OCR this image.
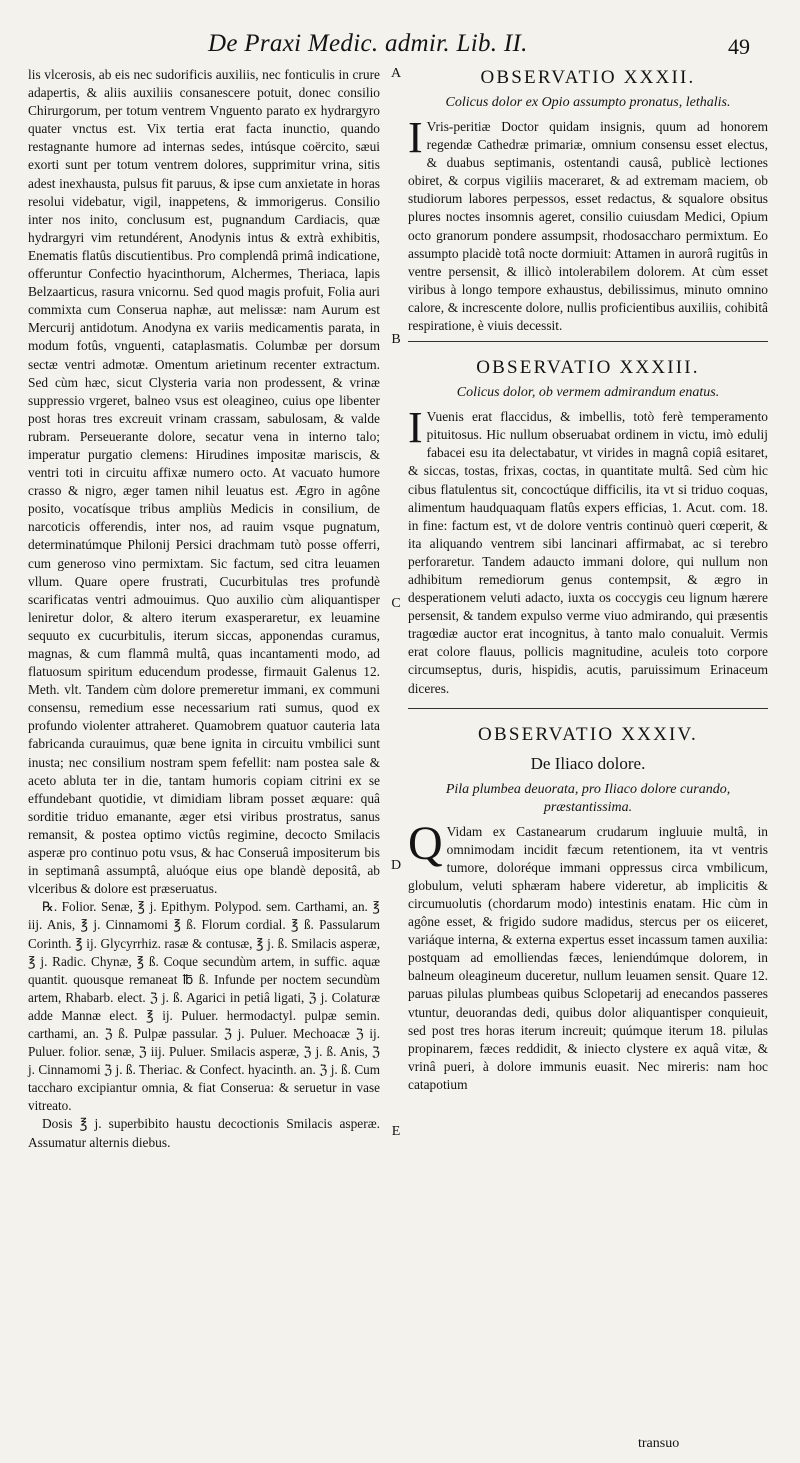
De Praxi Medic. admir. Lib. II.	49
A
B
C
D
E

lis vlcerosis, ab eis nec sudorificis auxiliis, nec fonticulis in crure adapertis, & aliis auxiliis consanescere potuit, donec consilio Chirurgorum, per totum ventrem Vnguento parato ex hydrargyro quater vnctus est. Vix tertia erat facta inunctio, quando restagnante humore ad internas sedes, intúsque coërcito, sæui exorti sunt per totum ventrem dolores, supprimitur vrina, sitis adest inexhausta, pulsus fit paruus, & ipse cum anxietate in horas resolui videbatur, vigil, inappetens, & immorigerus. Consilio inter nos inito, conclusum est, pugnandum Cardiacis, quæ hydrargyri vim retundérent, Anodynis intus & extrà exhibitis, Enematis flatûs discutientibus. Pro complendâ primâ indicatione, offeruntur Confectio hyacinthorum, Alchermes, Theriaca, lapis Belzaarticus, rasura vnicornu. Sed quod magis profuit, Folia auri commixta cum Conserua naphæ, aut melissæ: nam Aurum est Mercurij antidotum. Anodyna ex variis medicamentis parata, in modum fotûs, vnguenti, cataplasmatis. Columbæ per dorsum sectæ ventri admotæ. Omentum arietinum recenter extractum. Sed cùm hæc, sicut Clysteria varia non prodessent, & vrinæ suppressio vrgeret, balneo vsus est oleagineo, cuius ope libenter post horas tres excreuit vrinam crassam, sabulosam, & valde rubram. Perseuerante dolore, secatur vena in interno talo; imperatur purgatio clemens: Hirudines impositæ mariscis, & ventri toti in circuitu affixæ numero octo. At vacuato humore crasso & nigro, æger tamen nihil leuatus est. Ægro in agône posito, vocatísque tribus ampliùs Medicis in consilium, de narcoticis offerendis, inter nos, ad rauim vsque pugnatum, determinatúmque Philonij Persici drachmam tutò posse offerri, cum generoso vino permixtam. Sic factum, sed citra leuamen vllum. Quare opere frustrati, Cucurbitulas tres profundè scarificatas ventri admouimus. Quo auxilio cùm aliquantisper leniretur dolor, & altero iterum exasperaretur, ex leuamine sequuto ex cucurbitulis, iterum siccas, apponendas curamus, magnas, & cum flammâ multâ, quas incantamenti modo, ad flatuosum spiritum educendum prodesse, firmauit Galenus 12. Meth. vlt. Tandem cùm dolore premeretur immani, ex communi consensu, remedium esse necessarium rati sumus, quod ex profundo violenter attraheret. Quamobrem quatuor cauteria lata fabricanda curauimus, quæ bene ignita in circuitu vmbilici sunt inusta; nec consilium nostram spem fefellit: nam postea sale & aceto abluta ter in die, tantam humoris copiam citrini ex se effundebant quotidie, vt dimidiam libram posset æquare: quâ sorditie triduo emanante, æger etsi viribus prostratus, sanus remansit, & postea optimo victûs regimine, decocto Smilacis asperæ pro continuo potu vsus, & hac Conseruâ impositerum bis in septimanâ assumptâ, aluóque eius ope blandè depositâ, ab vlceribus & dolore est præseruatus.

℞. Folior. Senæ, ℥ j. Epithym. Polypod. sem. Carthami, an. ℥ iij. Anis, ℥ j. Cinnamomi ℥ ß. Florum cordial. ℥ ß. Passularum Corinth. ℥ ij. Glycyrrhiz. rasæ & contusæ, ℥ j. ß. Smilacis asperæ, ℥ j. Radic. Chynæ, ℥ ß. Coque secundùm artem, in suffic. aquæ quantit. quousque remaneat ℔ ß. Infunde per noctem secundùm artem, Rhabarb. elect. ℨ j. ß. Agarici in petiâ ligati, ℨ j. Colaturæ adde Mannæ elect. ℥ ij. Puluer. hermodactyl. pulpæ semin. carthami, an. ℨ ß. Pulpæ passular. ℨ j. Puluer. Mechoacæ ℨ ij. Puluer. folior. senæ, ℨ iij. Puluer. Smilacis asperæ, ℨ j. ß. Anis, ℨ j. Cinnamomi ℨ j. ß. Theriac. & Confect. hyacinth. an. ℨ j. ß. Cum taccharo excipiantur omnia, & fiat Conserua: & seruetur in vase vitreato.

Dosis ℥ j. superbibito haustu decoctionis Smilacis asperæ. Assumatur alternis diebus.

OBSERVATIO XXXII.
Colicus dolor ex Opio assumpto pronatus, lethalis.

I Vris-peritiæ Doctor quidam insignis, quum ad honorem regendæ Cathedræ primariæ, omnium consensu esset electus, & duabus septimanis, ostentandi causâ, publicè lectiones obiret, & corpus vigiliis maceraret, & ad extremam maciem, ob studiorum labores perpessos, esset redactus, & squalore obsitus plures noctes insomnis ageret, consilio cuiusdam Medici, Opium octo granorum pondere assumpsit, rhodosaccharo permixtum. Eo assumpto placidè totâ nocte dormiuit: Attamen in aurorâ rugitûs in ventre persensit, & illicò intolerabilem dolorem. At cùm esset viribus à longo tempore exhaustus, debilissimus, minuto omnino calore, & increscente dolore, nullis proficientibus auxiliis, cohibitâ respiratione, è viuis decessit.

OBSERVATIO XXXIII.
Colicus dolor, ob vermem admirandum enatus.

I Vuenis erat flaccidus, & imbellis, totò ferè temperamento pituitosus. Hic nullum obseruabat ordinem in victu, imò edulij fabacei esu ita delectabatur, vt virides in magnâ copiâ esitaret, & siccas, tostas, frixas, coctas, in quantitate multâ. Sed cùm hic cibus flatulentus sit, concoctúque difficilis, ita vt si triduo coquas, alimentum haudquaquam flatûs expers efficias, 1. Acut. com. 18. in fine: factum est, vt de dolore ventris continuò queri cœperit, & ita aliquando ventrem sibi lancinari affirmabat, ac si terebro perforaretur. Tandem adaucto immani dolore, qui nullum non adhibitum remediorum genus contempsit, & ægro in desperationem veluti adacto, iuxta os coccygis ceu lignum hærere persensit, & tandem expulso verme viuo admirando, qui præsentis tragœdiæ auctor erat incognitus, à tanto malo conualuit. Vermis erat colore flauus, pollicis magnitudine, aculeis toto corpore circumseptus, duris, hispidis, acutis, paruissimum Erinaceum diceres.

OBSERVATIO XXXIV.
De Iliaco dolore.
Pila plumbea deuorata, pro Iliaco dolore curando, præstantissima.

Q Vidam ex Castanearum crudarum ingluuie multâ, in omnimodam incidit fæcum retentionem, ita vt ventris tumore, doloréque immani oppressus circa vmbilicum, globulum, veluti sphæram habere videretur, ab implicitis & circumuolutis (chordarum modo) intestinis enatam. Hic cùm in agône esset, & frigido sudore madidus, stercus per os eiiceret, variáque interna, & externa expertus esset incassum tamen auxilia: postquam ad emolliendas fæces, leniendúmque dolorem, in balneum oleagineum duceretur, nullum leuamen sensit. Quare 12. paruas pilulas plumbeas quibus Sclopetarij ad enecandos passeres vtuntur, deuorandas dedi, quibus dolor aliquantisper conquieuit, sed post tres horas iterum increuit; quúmque iterum 18. pilulas propinarem, fæces reddidit, & iniecto clystere ex aquâ vitæ, & vrinâ pueri, à dolore immunis euasit. Nec mireris: nam hoc catapotium

transuo
